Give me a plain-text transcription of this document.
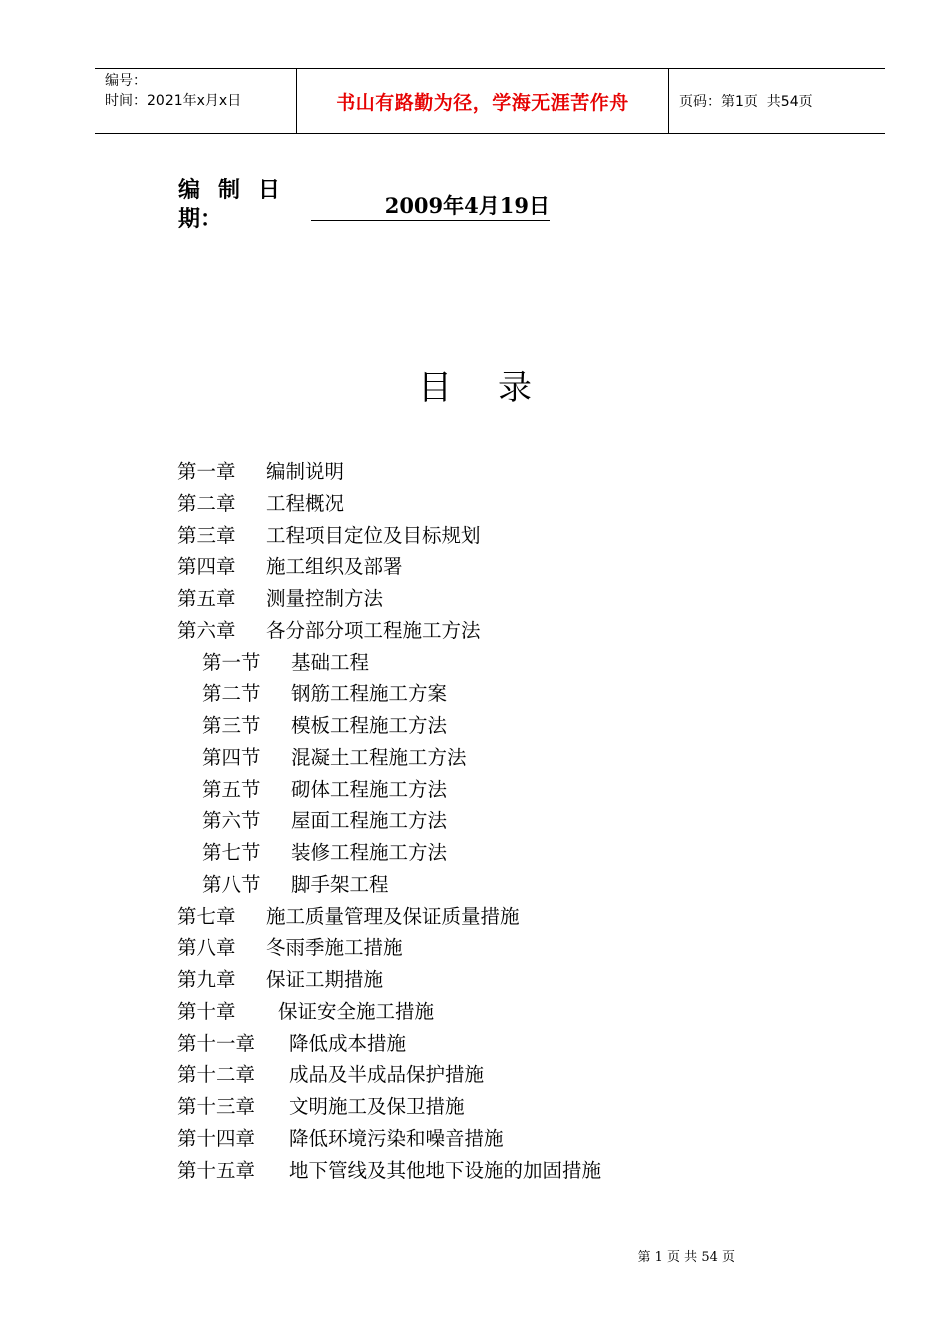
编号：
时间：2021年x月x日	书山有路勤为径，学海无涯苦作舟	页码：第1页  共54页
编制日
期：
2009年4月19日
目录
第一章 编制说明
第二章 工程概况
第三章 工程项目定位及目标规划
第四章 施工组织及部署
第五章 测量控制方法
第六章 各分部分项工程施工方法
第一节 基础工程
第二节 钢筋工程施工方案
第三节 模板工程施工方法
第四节 混凝土工程施工方法
第五节 砌体工程施工方法
第六节 屋面工程施工方法
第七节 装修工程施工方法
第八节 脚手架工程
第七章 施工质量管理及保证质量措施
第八章 冬雨季施工措施
第九章 保证工期措施
第十章 保证安全施工措施
第十一章 降低成本措施
第十二章 成品及半成品保护措施
第十三章 文明施工及保卫措施
第十四章 降低环境污染和噪音措施
第十五章 地下管线及其他地下设施的加固措施
第 1 页 共 54 页
